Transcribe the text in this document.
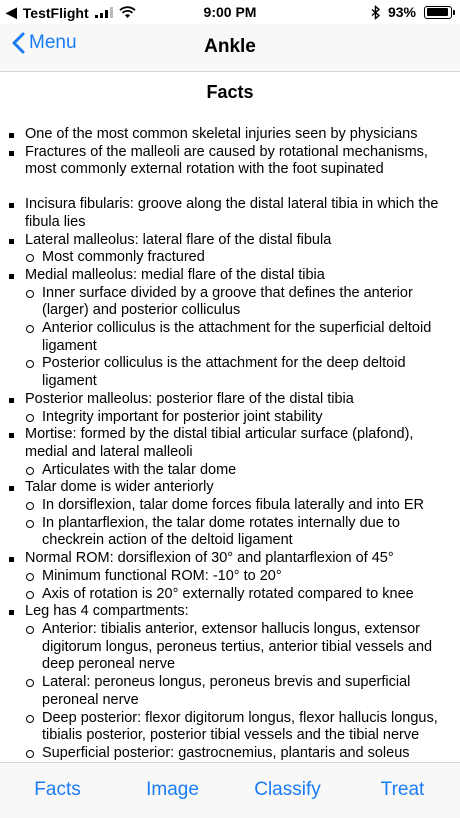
◀ TestFlight	9:00 PM	93%
Menu	Ankle
Facts
One of the most common skeletal injuries seen by physicians
Fractures of the malleoli are caused by rotational mechanisms, most commonly external rotation with the foot supinated
Incisura fibularis: groove along the distal lateral tibia in which the fibula lies
Lateral malleolus: lateral flare of the distal fibula
Most commonly fractured
Medial malleolus: medial flare of the distal tibia
Inner surface divided by a groove that defines the anterior (larger) and posterior colliculus
Anterior colliculus is the attachment for the superficial deltoid ligament
Posterior colliculus is the attachment for the deep deltoid ligament
Posterior malleolus: posterior flare of the distal tibia
Integrity important for posterior joint stability
Mortise: formed by the distal tibial articular surface (plafond), medial and lateral malleoli
Articulates with the talar dome
Talar dome is wider anteriorly
In dorsiflexion, talar dome forces fibula laterally and into ER
In plantarflexion, the talar dome rotates internally due to checkrein action of the deltoid ligament
Normal ROM: dorsiflexion of 30° and plantarflexion of 45°
Minimum functional ROM: -10° to 20°
Axis of rotation is 20° externally rotated compared to knee
Leg has 4 compartments:
Anterior: tibialis anterior, extensor hallucis longus, extensor digitorum longus, peroneus tertius, anterior tibial vessels and deep peroneal nerve
Lateral: peroneus longus, peroneus brevis and superficial peroneal nerve
Deep posterior: flexor digitorum longus, flexor hallucis longus, tibialis posterior, posterior tibial vessels and the tibial nerve
Superficial posterior: gastrocnemius, plantaris and soleus
Facts	Image	Classify	Treat
